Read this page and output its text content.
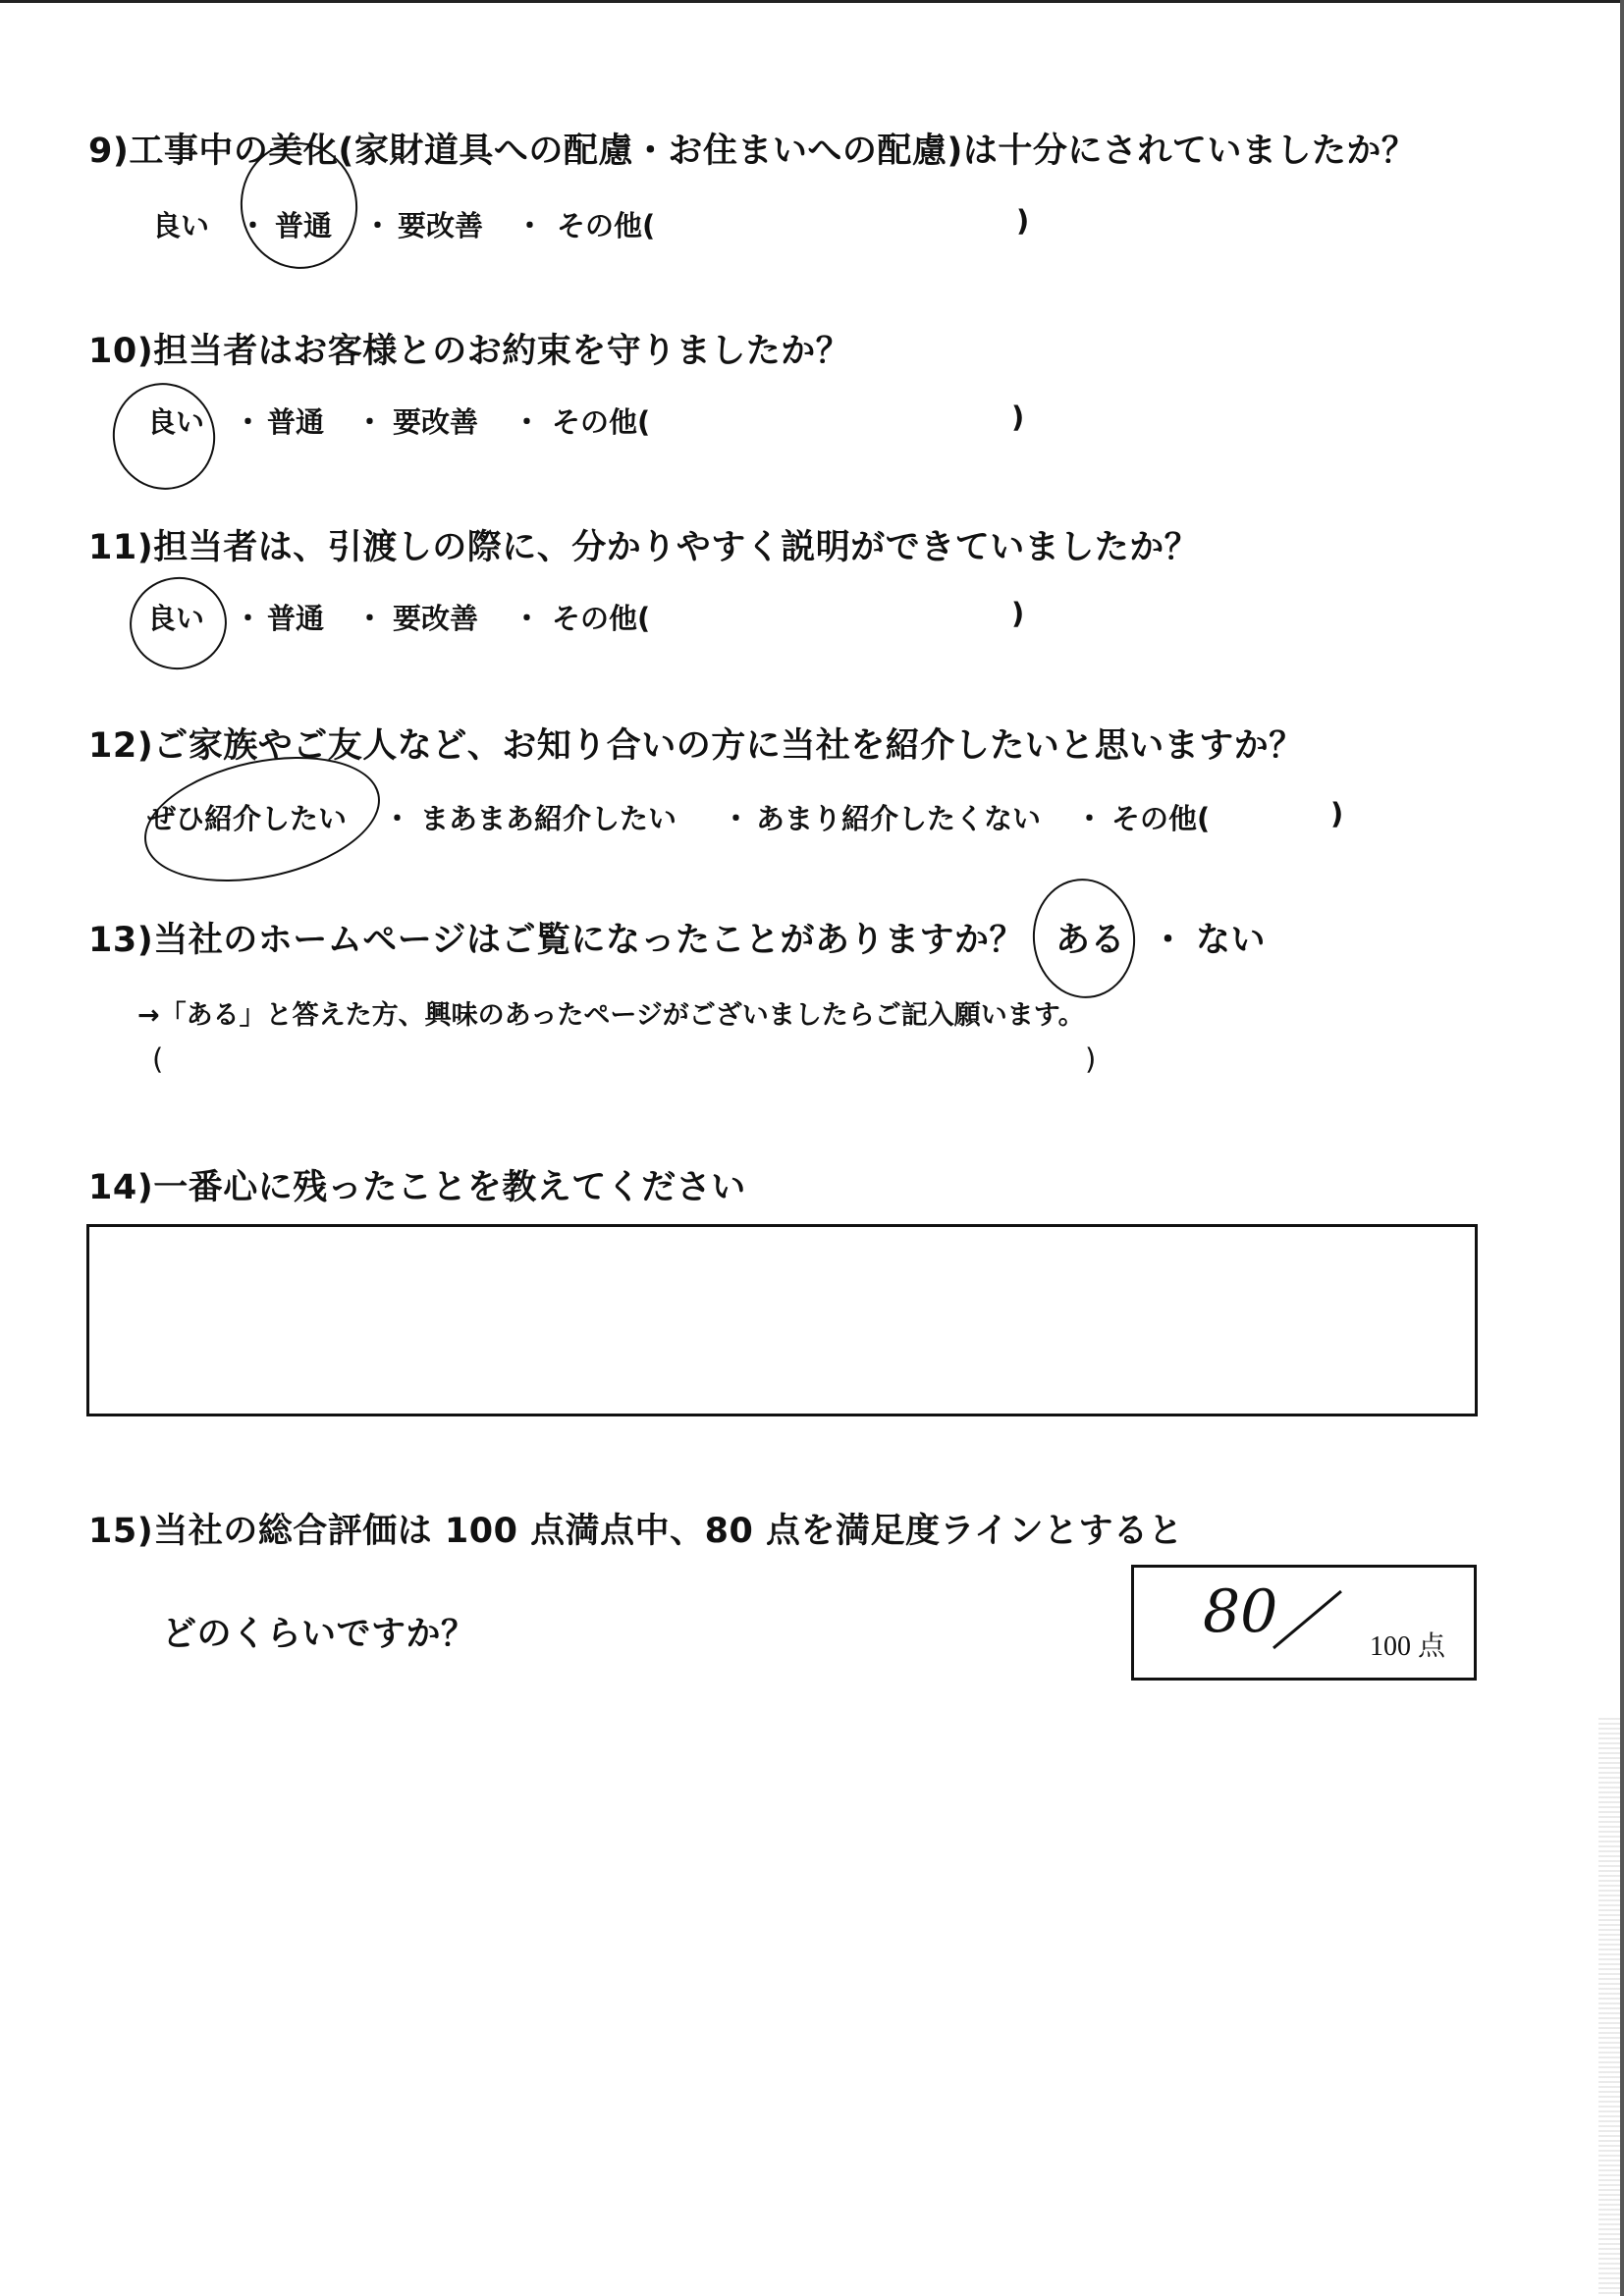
9)工事中の美化(家財道具への配慮・お住まいへの配慮)は十分にされていましたか？
良い ・ 普通 ・ 要改善 ・ その他(	)
10)担当者はお客様とのお約束を守りましたか？
良い ・ 普通 ・ 要改善 ・ その他(	)
11)担当者は、引渡しの際に、分かりやすく説明ができていましたか？
良い ・ 普通 ・ 要改善 ・ その他(	)
12)ご家族やご友人など、お知り合いの方に当社を紹介したいと思いますか？
ぜひ紹介したい ・ まあまあ紹介したい ・ あまり紹介したくない ・ その他(	)
13)当社のホームページはご覧になったことがありますか？ ある ・ ない
→「ある」と答えた方、興味のあったページがございましたらご記入願います。
(	)
14)一番心に残ったことを教えてください
15)当社の総合評価は 100 点満点中、80 点を満足度ラインとすると
どのくらいですか？	80
100 点
